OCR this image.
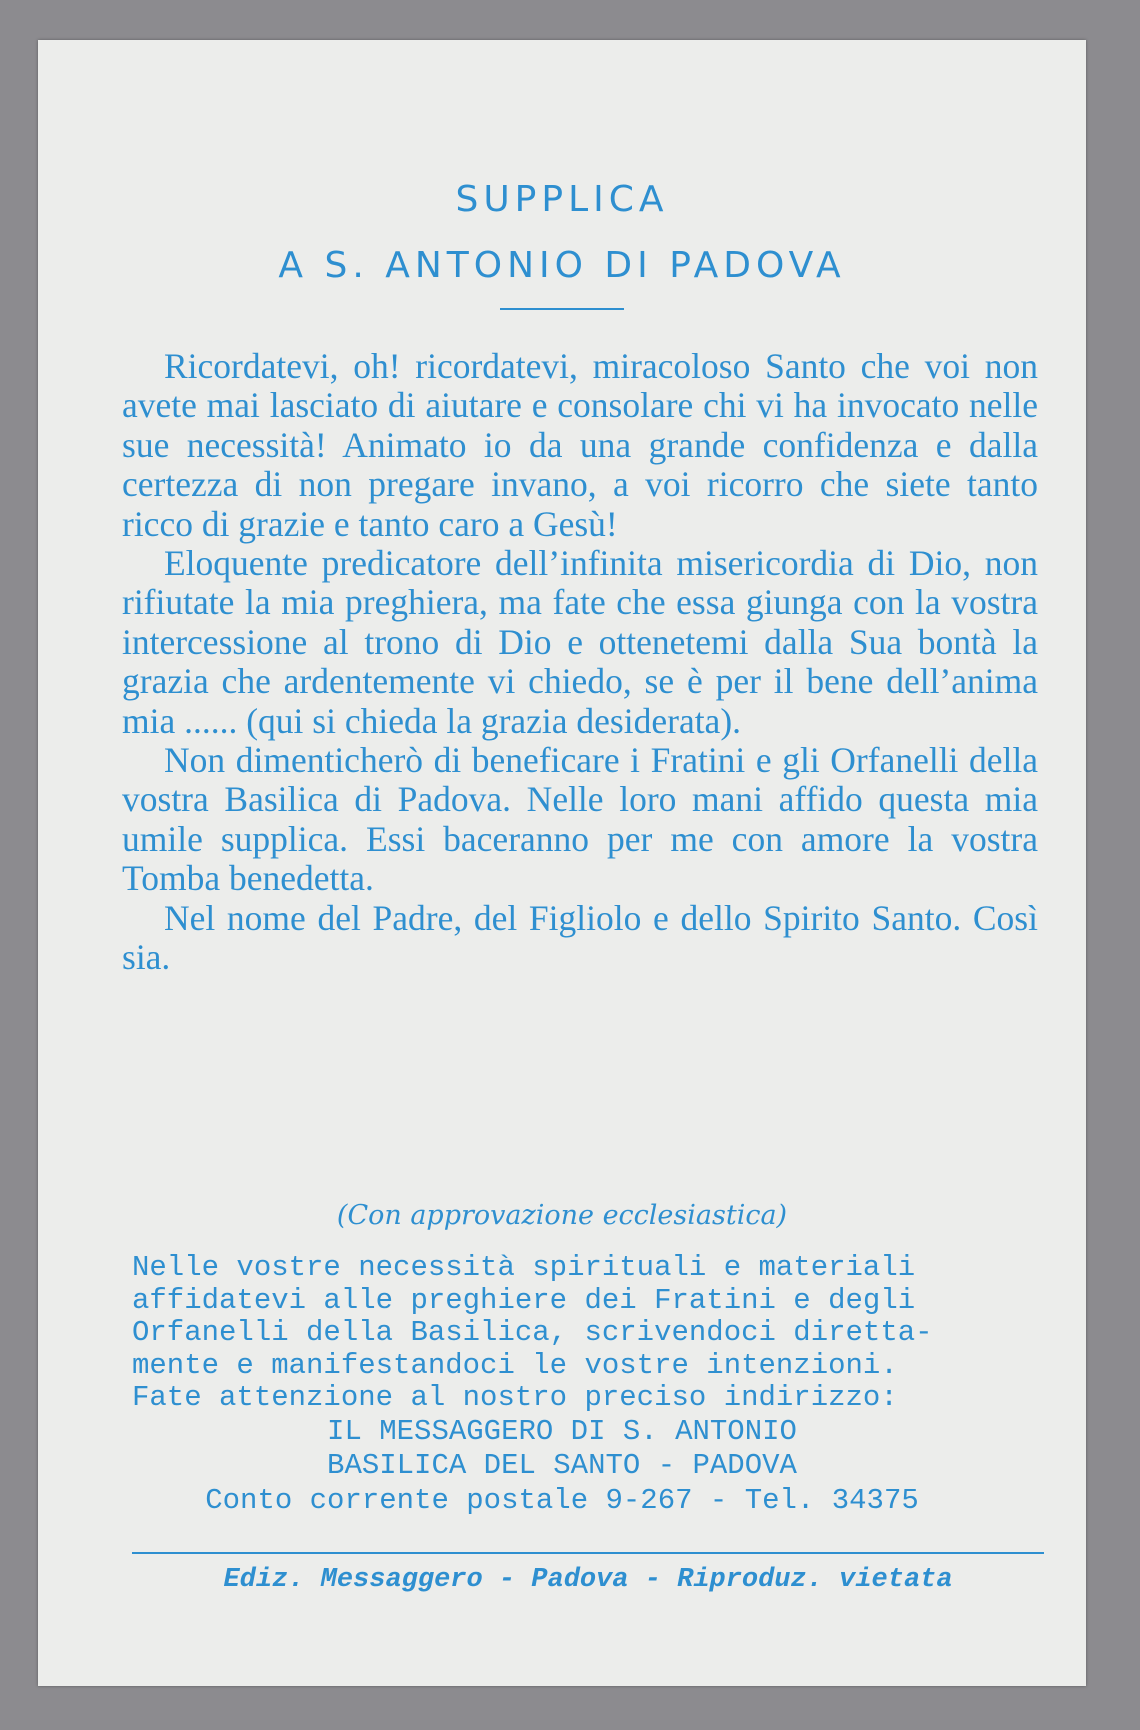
SUPPLICA
A S. ANTONIO DI PADOVA

Ricordatevi, oh! ricordatevi, miracoloso Santo che voi non avete mai lasciato di aiutare e consolare chi vi ha invocato nelle sue necessità! Animato io da una grande confidenza e dalla certezza di non pregare invano, a voi ricorro che siete tanto ricco di grazie e tanto caro a Gesù!

Eloquente predicatore dell’infinita misericordia di Dio, non rifiutate la mia preghiera, ma fate che essa giunga con la vostra intercessione al trono di Dio e ottenetemi dalla Sua bontà la grazia che ardentemente vi chiedo, se è per il bene dell’anima mia ...... (qui si chieda la grazia desiderata).

Non dimenticherò di beneficare i Fratini e gli Orfanelli della vostra Basilica di Padova. Nelle loro mani affido questa mia umile supplica. Essi baceranno per me con amore la vostra Tomba benedetta.

Nel nome del Padre, del Figliolo e dello Spirito Santo. Così sia.

(Con approvazione ecclesiastica)
Nelle vostre necessità spirituali e materiali
affidatevi alle preghiere dei Fratini e degli
Orfanelli della Basilica, scrivendoci diretta-
mente e manifestandoci le vostre intenzioni.
Fate attenzione al nostro preciso indirizzo:
IL MESSAGGERO DI S. ANTONIO
BASILICA DEL SANTO - PADOVA
Conto corrente postale 9-267 - Tel. 34375
Ediz. Messaggero - Padova - Riproduz. vietata
